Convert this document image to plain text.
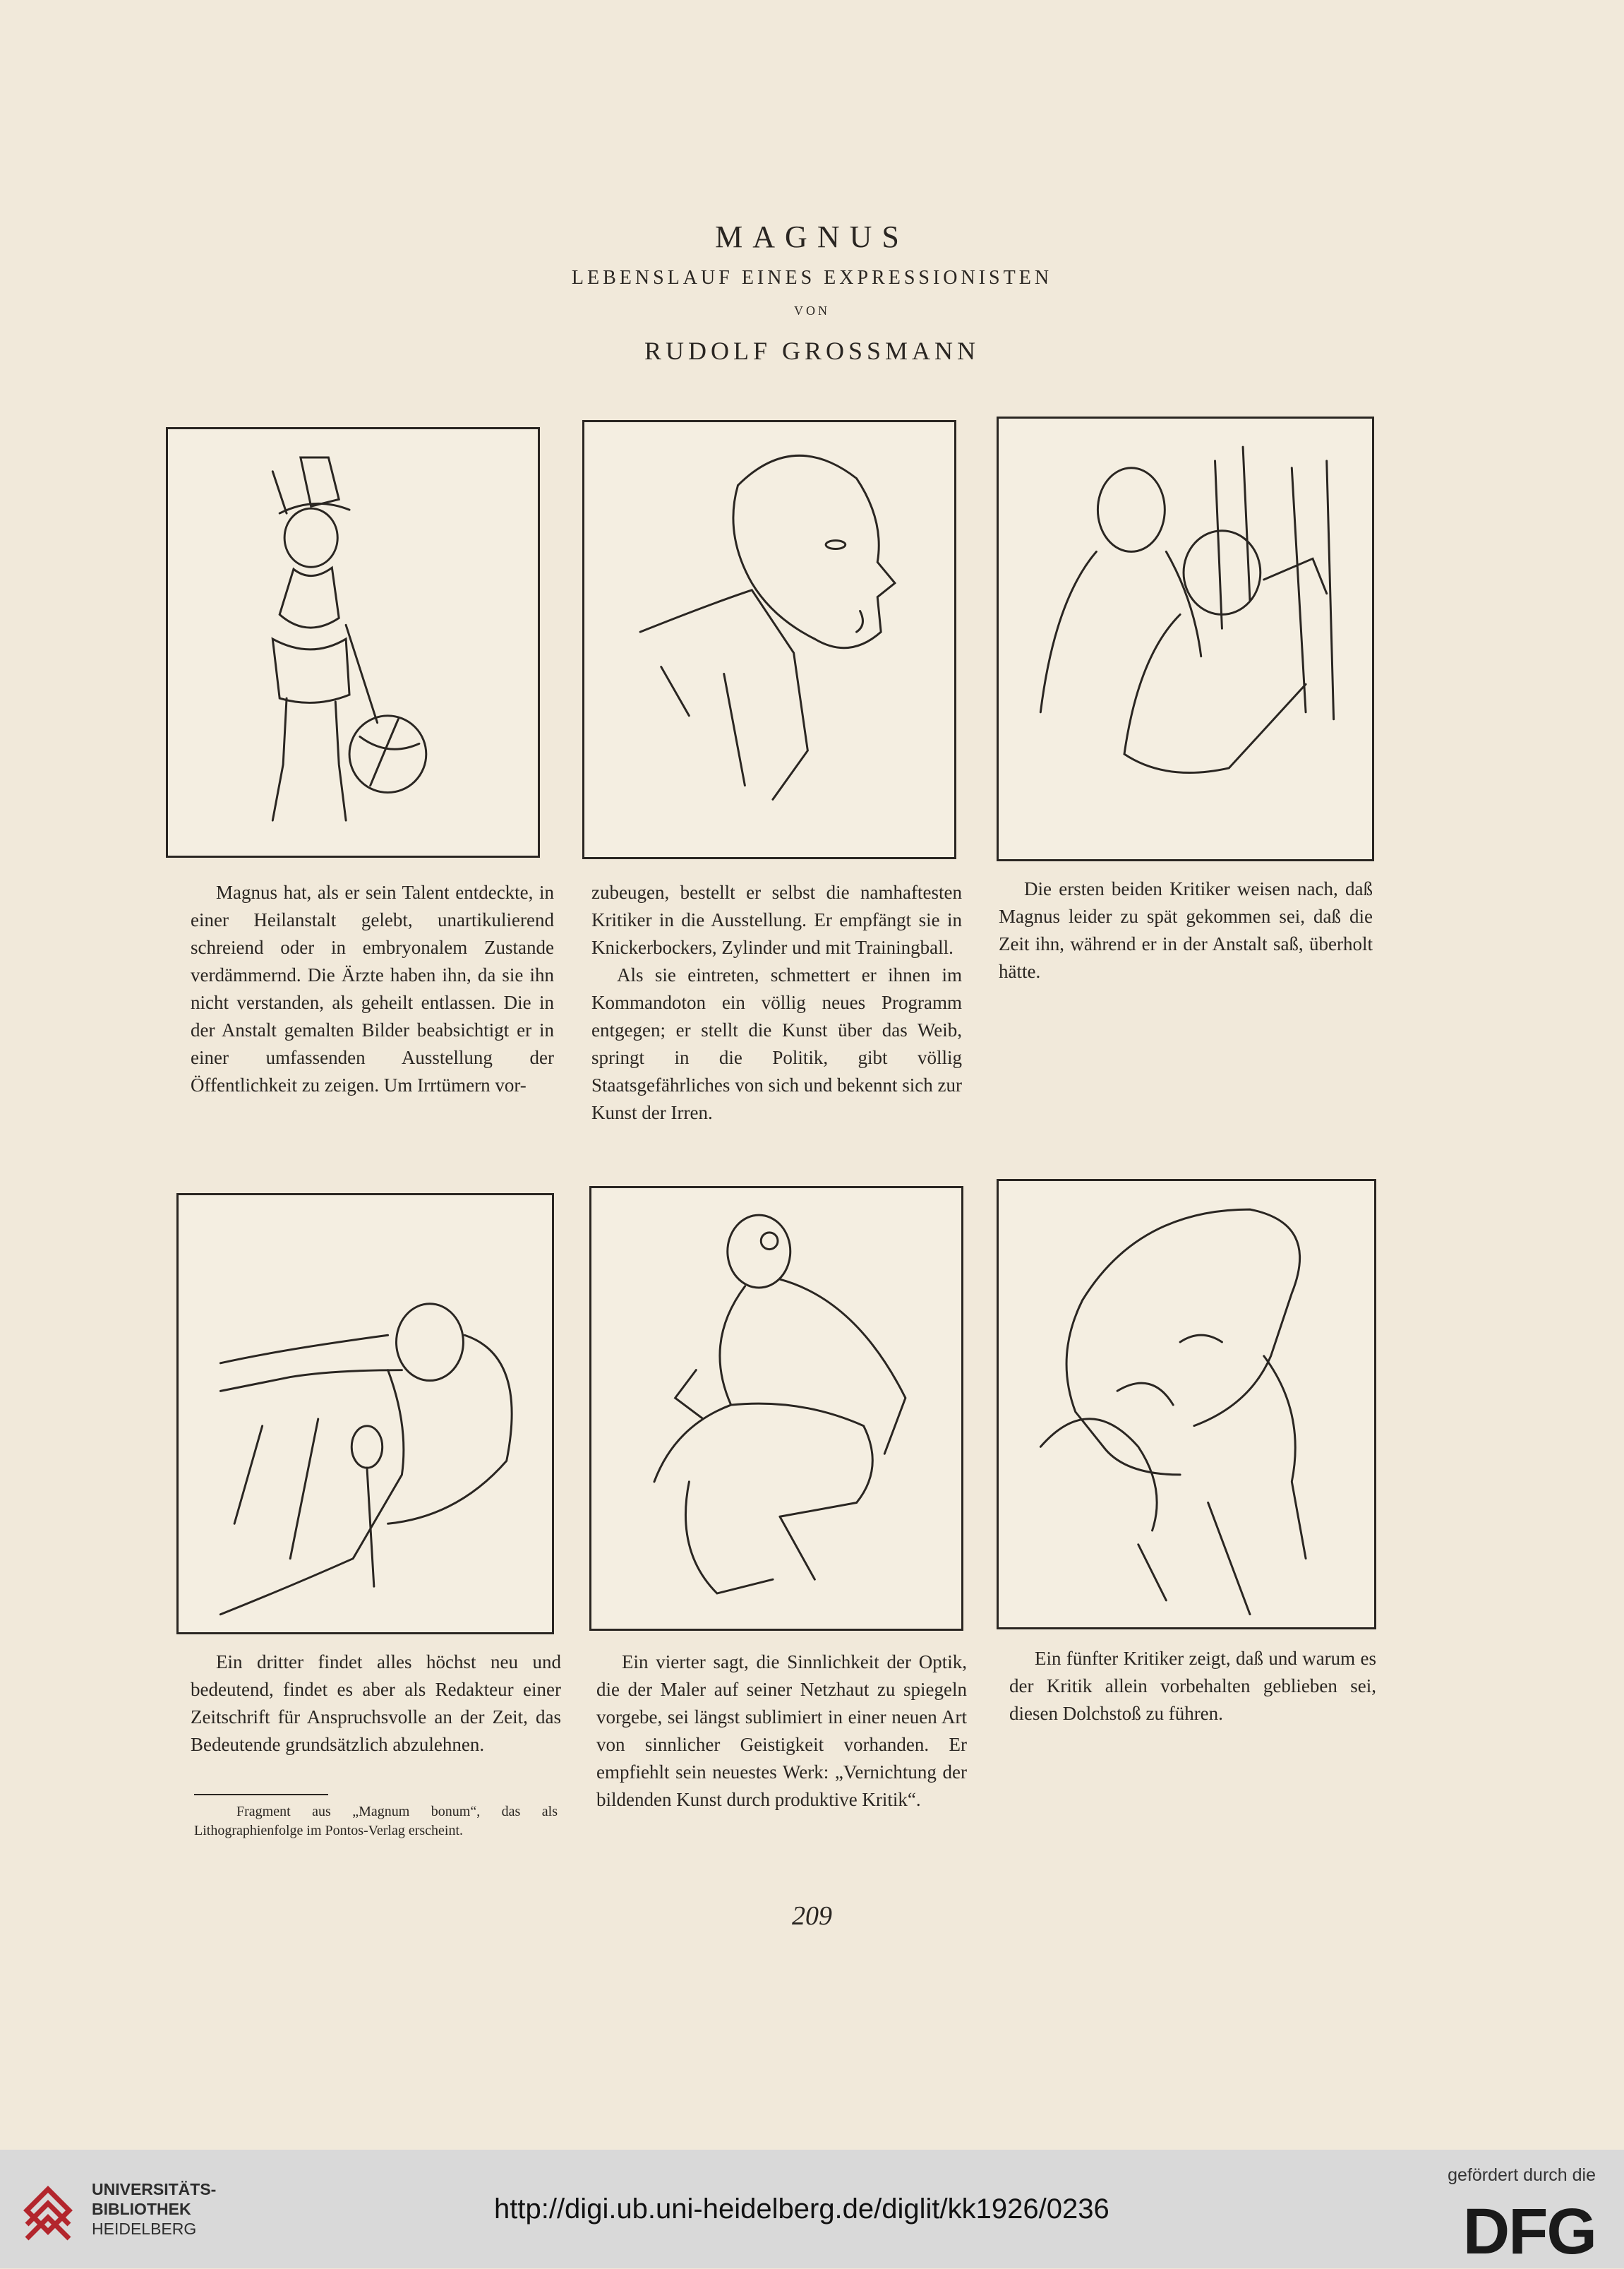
MAGNUS
LEBENSLAUF EINES EXPRESSIONISTEN
VON
RUDOLF GROSSMANN

Magnus hat, als er sein Talent entdeckte, in einer Heilanstalt gelebt, unartikulierend schreiend oder in embryonalem Zustande verdämmernd. Die Ärzte haben ihn, da sie ihn nicht verstanden, als geheilt entlassen. Die in der Anstalt gemalten Bilder beabsichtigt er in einer umfassenden Ausstellung der Öffentlichkeit zu zeigen. Um Irrtümern vor-

zubeugen, bestellt er selbst die namhaftesten Kritiker in die Ausstellung. Er empfängt sie in Knickerbockers, Zylinder und mit Trainingball.

Als sie eintreten, schmettert er ihnen im Kommandoton ein völlig neues Programm entgegen; er stellt die Kunst über das Weib, springt in die Politik, gibt völlig Staatsgefährliches von sich und bekennt sich zur Kunst der Irren.

Die ersten beiden Kritiker weisen nach, daß Magnus leider zu spät gekommen sei, daß die Zeit ihn, während er in der Anstalt saß, überholt hätte.

Ein dritter findet alles höchst neu und bedeutend, findet es aber als Redakteur einer Zeitschrift für Anspruchsvolle an der Zeit, das Bedeutende grundsätzlich abzulehnen.

Ein vierter sagt, die Sinnlichkeit der Optik, die der Maler auf seiner Netzhaut zu spiegeln vorgebe, sei längst sublimiert in einer neuen Art von sinnlicher Geistigkeit vorhanden. Er empfiehlt sein neuestes Werk: „Vernichtung der bildenden Kunst durch produktive Kritik“.

Ein fünfter Kritiker zeigt, daß und warum es der Kritik allein vorbehalten geblieben sei, diesen Dolchstoß zu führen.

Fragment aus „Magnum bonum“, das als Lithographienfolge im Pontos-Verlag erscheint.
209
UNIVERSITÄTS-
BIBLIOTHEK
HEIDELBERG
http://digi.ub.uni-heidelberg.de/diglit/kk1926/0236
gefördert durch die
DFG
